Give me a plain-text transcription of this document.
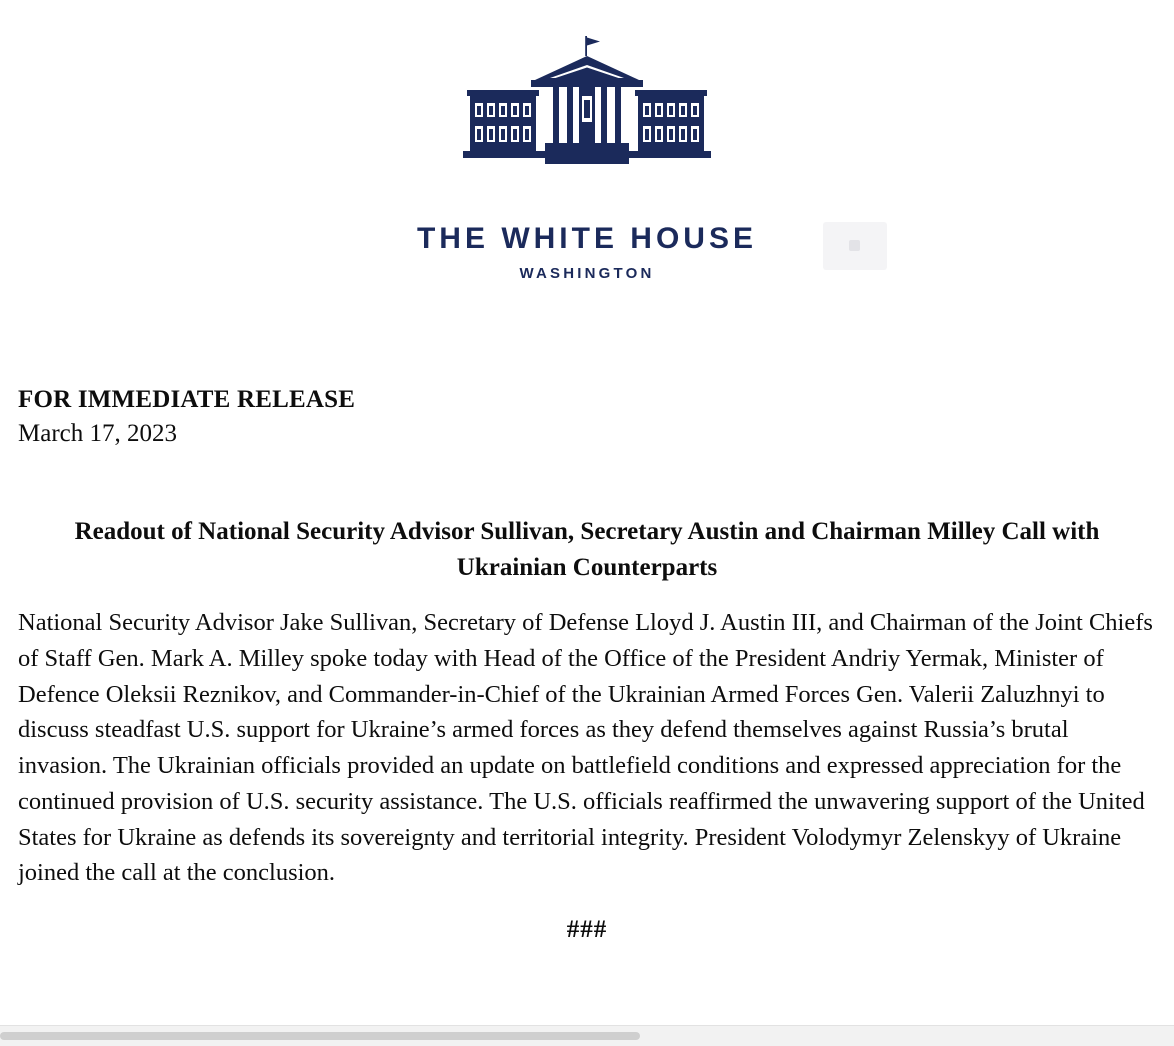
THE WHITE HOUSE
WASHINGTON
FOR IMMEDIATE RELEASE
March 17, 2023
Readout of National Security Advisor Sullivan, Secretary Austin and Chairman Milley Call with Ukrainian Counterparts

National Security Advisor Jake Sullivan, Secretary of Defense Lloyd J. Austin III, and Chairman of the Joint Chiefs of Staff Gen. Mark A. Milley spoke today with Head of the Office of the President Andriy Yermak, Minister of Defence Oleksii Reznikov, and Commander-in-Chief of the Ukrainian Armed Forces Gen. Valerii Zaluzhnyi to discuss steadfast U.S. support for Ukraine’s armed forces as they defend themselves against Russia’s brutal invasion. The Ukrainian officials provided an update on battlefield conditions and expressed appreciation for the continued provision of U.S. security assistance. The U.S. officials reaffirmed the unwavering support of the United States for Ukraine as defends its sovereignty and territorial integrity. President Volodymyr Zelenskyy of Ukraine joined the call at the conclusion.

###
